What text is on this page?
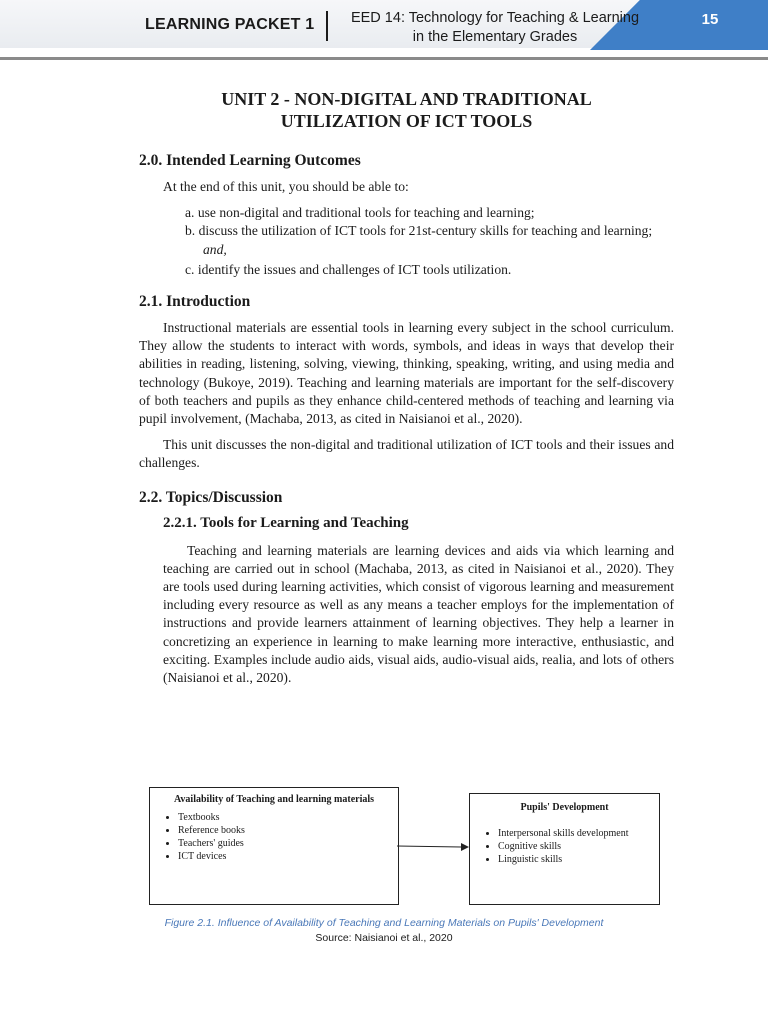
LEARNING PACKET 1	EED 14: Technology for Teaching & Learning
in the Elementary Grades
15
UNIT 2 - NON-DIGITAL AND TRADITIONAL
UTILIZATION OF ICT TOOLS
2.0. Intended Learning Outcomes

At the end of this unit, you should be able to:

a. use non-digital and traditional tools for teaching and learning;
b. discuss the utilization of ICT tools for 21st-century skills for teaching and learning; and,
c. identify the issues and challenges of ICT tools utilization.
2.1. Introduction

Instructional materials are essential tools in learning every subject in the school curriculum. They allow the students to interact with words, symbols, and ideas in ways that develop their abilities in reading, listening, solving, viewing, thinking, speaking, writing, and using media and technology (Bukoye, 2019). Teaching and learning materials are important for the self-discovery of both teachers and pupils as they enhance child-centered methods of teaching and learning via pupil involvement, (Machaba, 2013, as cited in Naisianoi et al., 2020).

This unit discusses the non-digital and traditional utilization of ICT tools and their issues and challenges.

2.2. Topics/Discussion
2.2.1. Tools for Learning and Teaching

Teaching and learning materials are learning devices and aids via which learning and teaching are carried out in school (Machaba, 2013, as cited in Naisianoi et al., 2020). They are tools used during learning activities, which consist of vigorous learning and measurement including every resource as well as any means a teacher employs for the implementation of instructions and provide learners attainment of learning objectives. They help a learner in concretizing an experience in learning to make learning more interactive, enthusiastic, and exciting. Examples include audio aids, visual aids, audio-visual aids, realia, and lots of others (Naisianoi et al., 2020).

Availability of Teaching and learning materials
• Textbooks
• Reference books
• Teachers' guides
• ICT devices
Pupils' Development
• Interpersonal skills development
• Cognitive skills
• Linguistic skills
Figure 2.1. Influence of Availability of Teaching and Learning Materials on Pupils' Development
Source: Naisianoi et al., 2020
